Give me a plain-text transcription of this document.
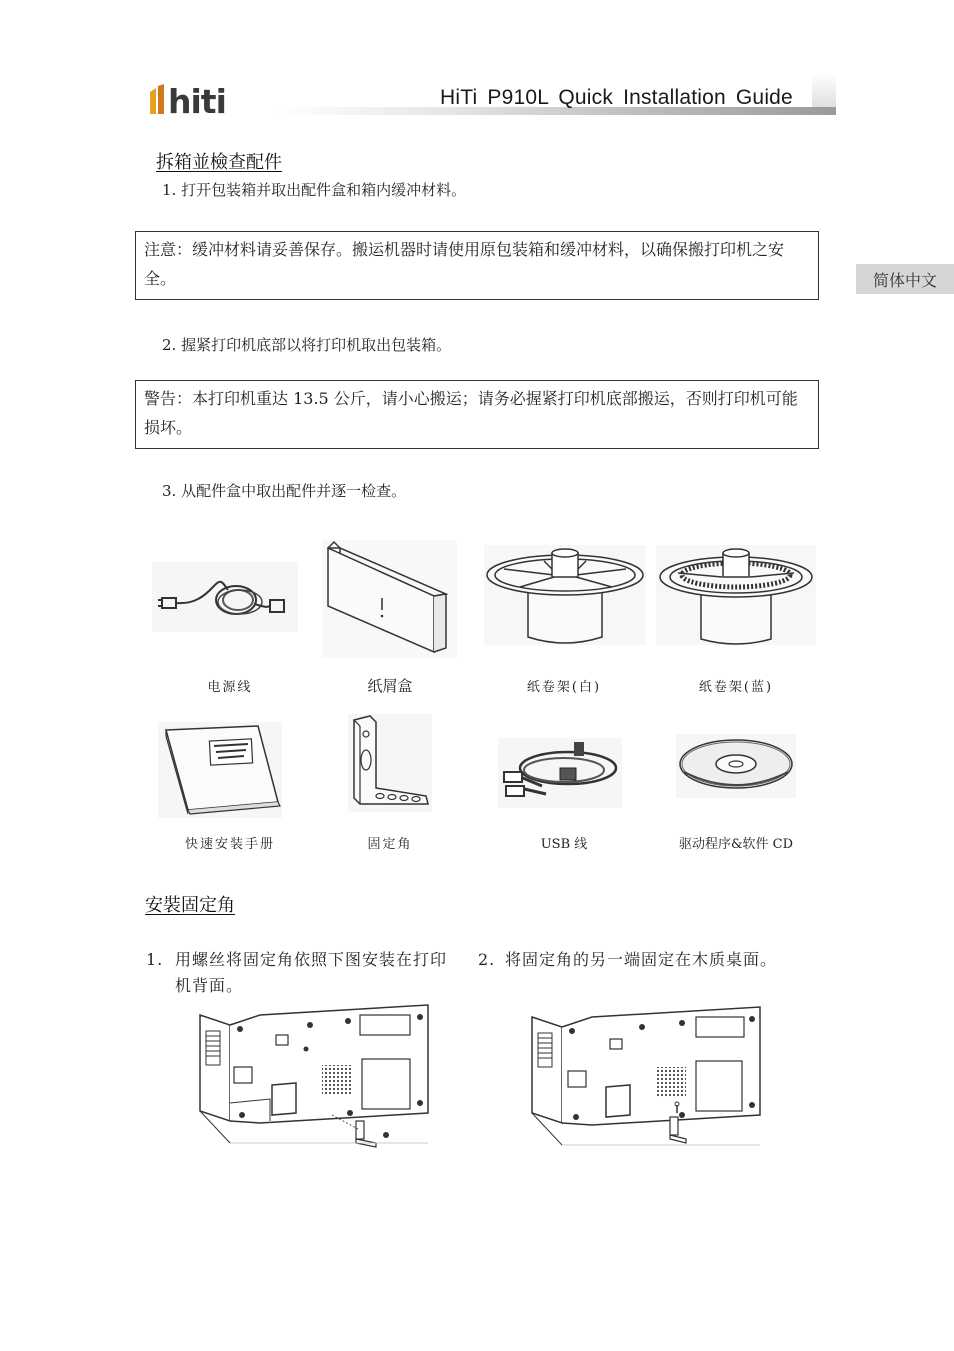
hiti	HiTi P910L Quick Installation Guide
简体中文
拆箱並檢查配件
1. 打开包装箱并取出配件盒和箱内缓冲材料。
注意：缓冲材料请妥善保存。搬运机器时请使用原包装箱和缓冲材料，以确保搬打印机之安全。
2. 握紧打印机底部以将打印机取出包装箱。
警告：本打印机重达 13.5 公斤，请小心搬运；请务必握紧打印机底部搬运，否则打印机可能损坏。
3. 从配件盒中取出配件并逐一检查。
电源线	纸屑盒	纸卷架(白)	纸卷架(蓝)
快速安装手册	固定角	USB 线	驱动程序&软件 CD
安裝固定角
1. 用螺丝将固定角依照下图安装在打印机背面。
2. 将固定角的另一端固定在木质桌面。
